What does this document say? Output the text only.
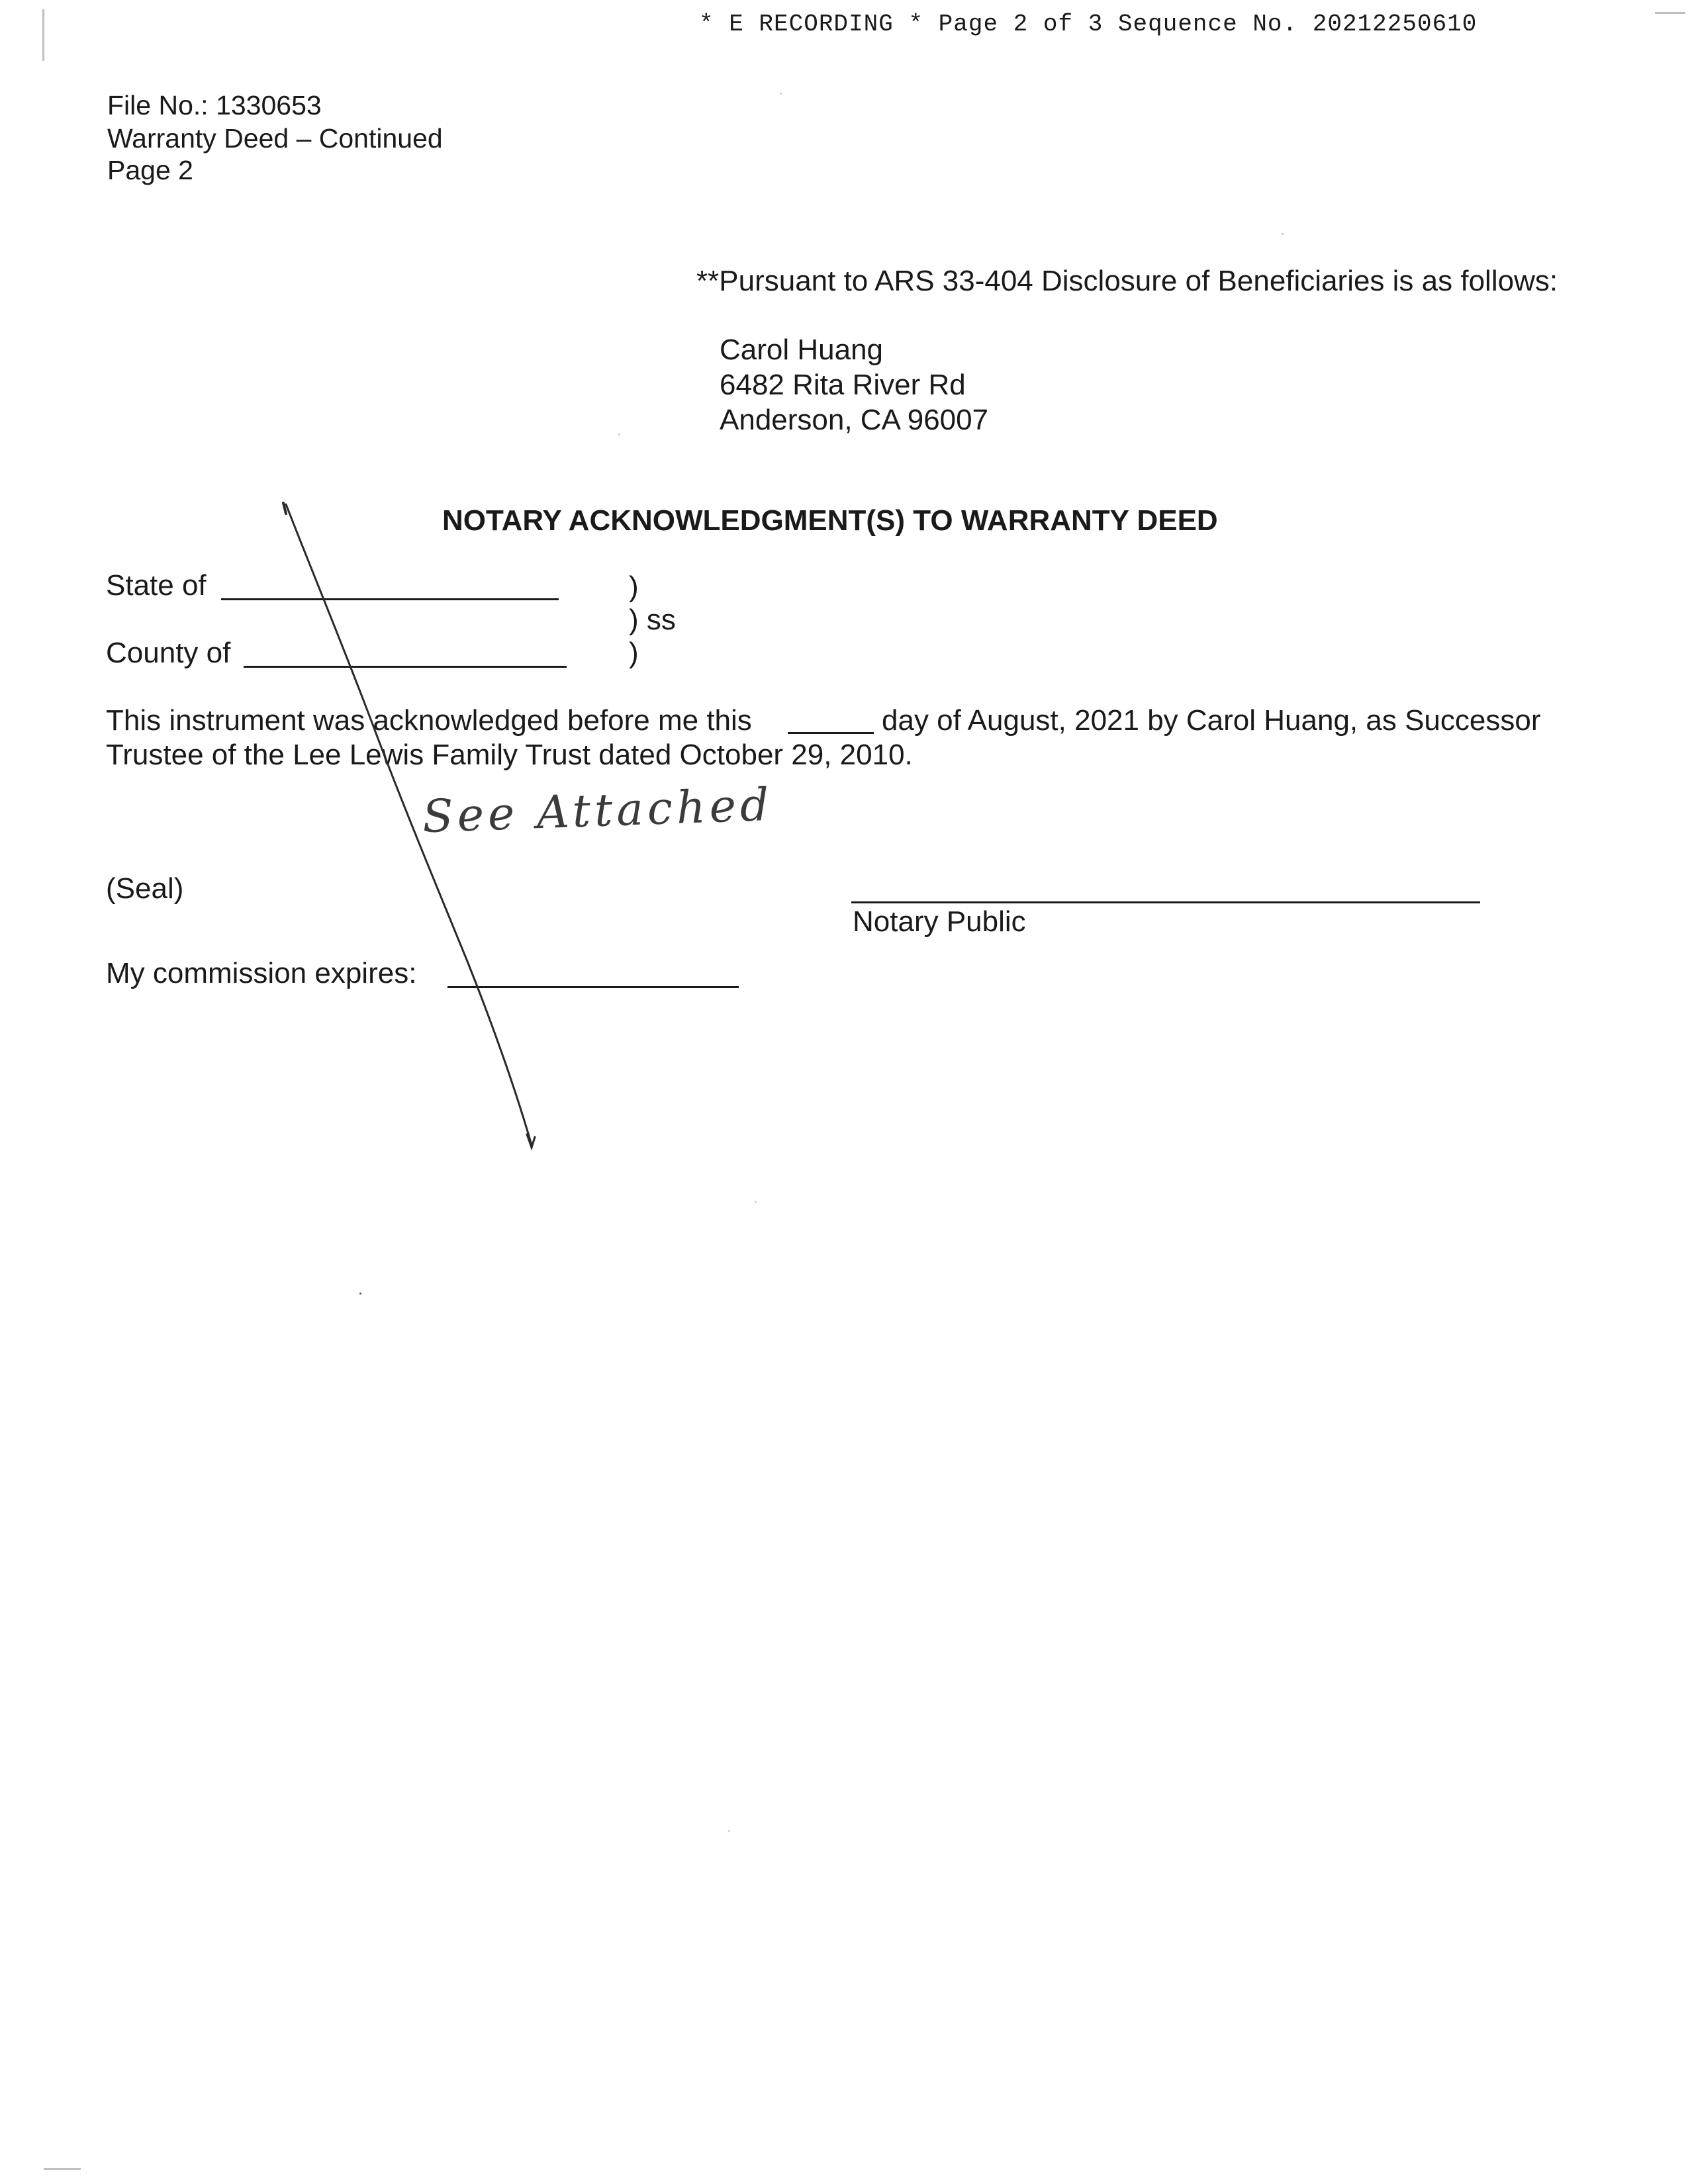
* E RECORDING * Page 2 of 3 Sequence No. 20212250610
File No.: 1330653
Warranty Deed – Continued
Page 2
**Pursuant to ARS 33-404 Disclosure of Beneficiaries is as follows:
Carol Huang
6482 Rita River Rd
Anderson, CA 96007
NOTARY ACKNOWLEDGMENT(S) TO WARRANTY DEED
State of
County of
)
) ss
)
This instrument was acknowledged before me this	day of August, 2021 by Carol Huang, as Successor
Trustee of the Lee Lewis Family Trust dated October 29, 2010.
(Seal)
Notary Public
My commission expires:
See Attached
